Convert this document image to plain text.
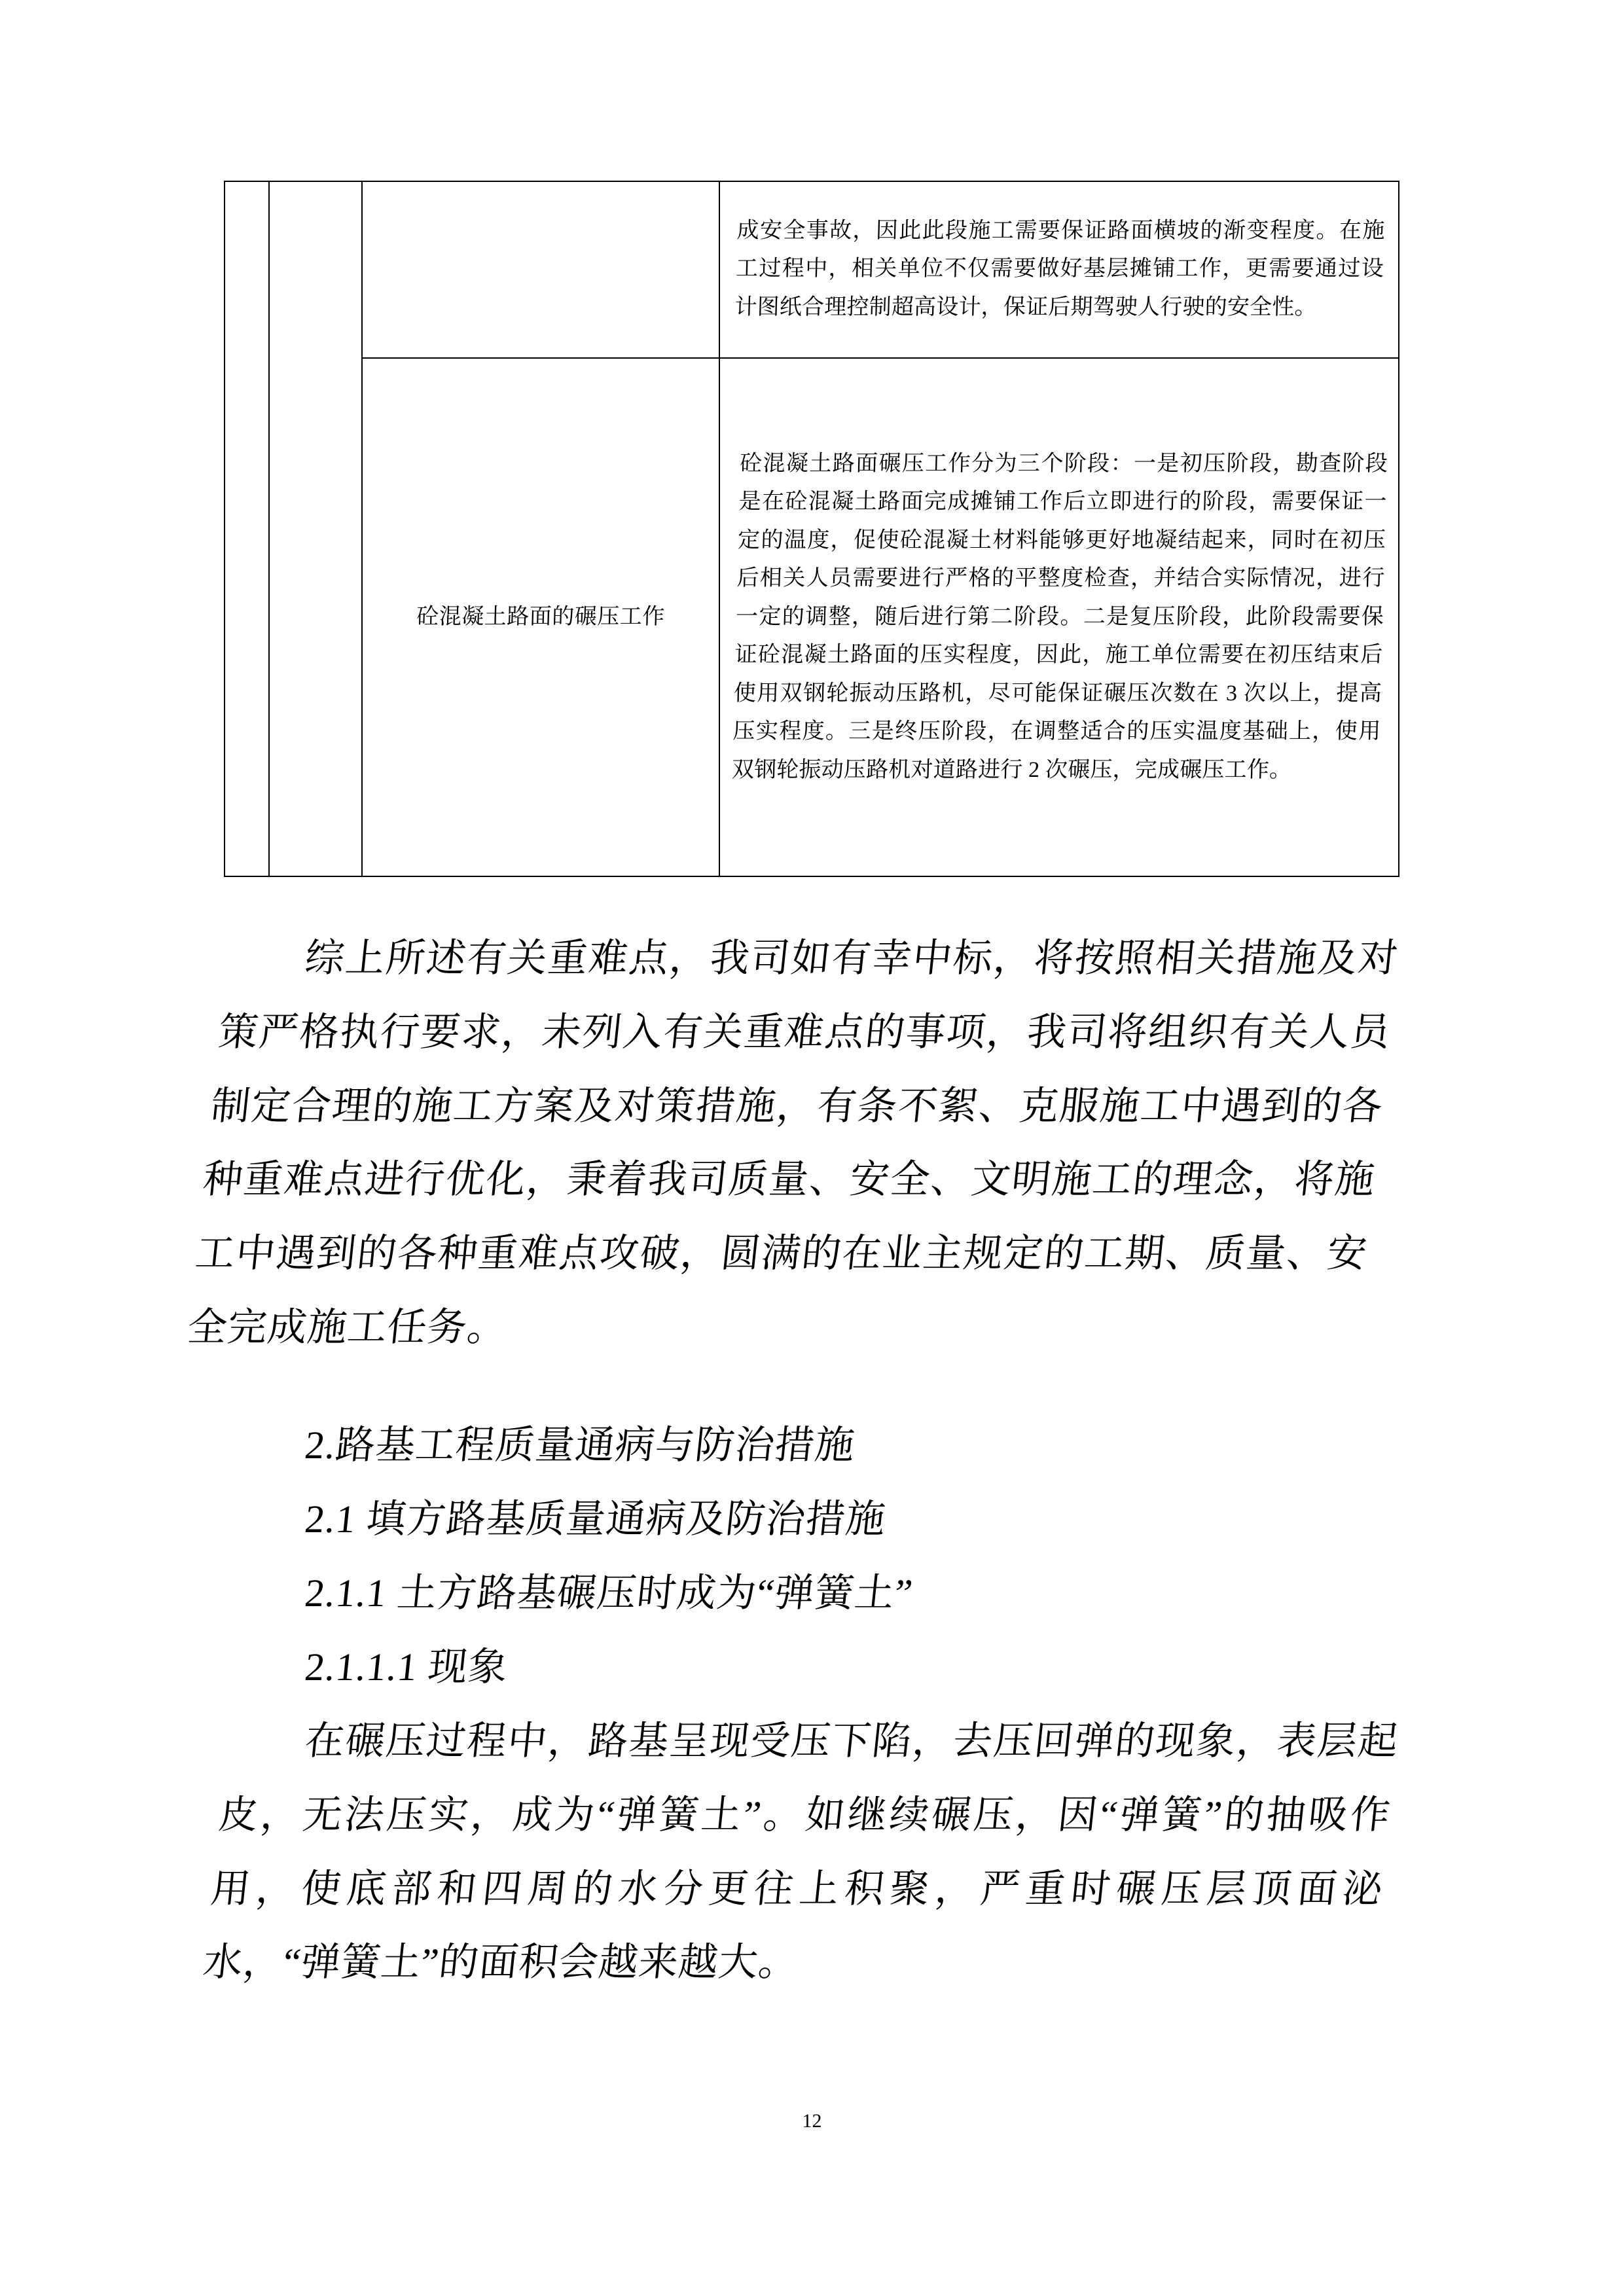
			成安全事故，因此此段施工需要保证路面横坡的渐变程度。在施工过程中，相关单位不仅需要做好基层摊铺工作，更需要通过设计图纸合理控制超高设计，保证后期驾驶人行驶的安全性。

		砼混凝土路面的碾压工作	砼混凝土路面碾压工作分为三个阶段：一是初压阶段，勘查阶段是在砼混凝土路面完成摊铺工作后立即进行的阶段，需要保证一定的温度，促使砼混凝土材料能够更好地凝结起来，同时在初压后相关人员需要进行严格的平整度检查，并结合实际情况，进行一定的调整，随后进行第二阶段。二是复压阶段，此阶段需要保证砼混凝土路面的压实程度，因此，施工单位需要在初压结束后使用双钢轮振动压路机，尽可能保证碾压次数在 3 次以上，提高压实程度。三是终压阶段，在调整适合的压实温度基础上，使用双钢轮振动压路机对道路进行 2 次碾压，完成碾压工作。

综上所述有关重难点，我司如有幸中标，将按照相关措施及对策严格执行要求，未列入有关重难点的事项，我司将组织有关人员制定合理的施工方案及对策措施，有条不絮、克服施工中遇到的各种重难点进行优化，秉着我司质量、安全、文明施工的理念，将施工中遇到的各种重难点攻破，圆满的在业主规定的工期、质量、安全完成施工任务。

2.路基工程质量通病与防治措施

2.1 填方路基质量通病及防治措施

2.1.1 土方路基碾压时成为“弹簧土”

2.1.1.1 现象

在碾压过程中，路基呈现受压下陷，去压回弹的现象，表层起皮，无法压实，成为“弹簧土”。如继续碾压，因“弹簧”的抽吸作用，使底部和四周的水分更往上积聚，严重时碾压层顶面泌水，“弹簧土”的面积会越来越大。

12
